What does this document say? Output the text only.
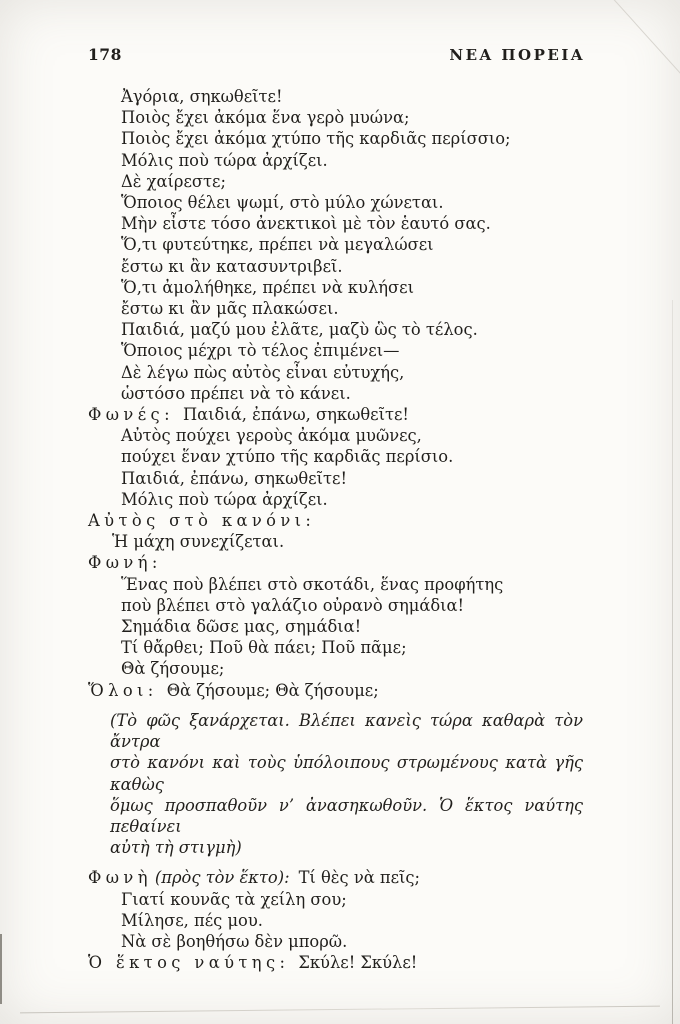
178	ΝΕΑ ΠΟΡΕΙΑ
Ἀγόρια, σηκωθεῖτε!
Ποιὸς ἔχει ἀκόμα ἕνα γερὸ μυώνα;
Ποιὸς ἔχει ἀκόμα χτύπο τῆς καρδιᾶς περίσσιο;
Μόλις ποὺ τώρα ἀρχίζει.
Δὲ χαίρεστε;
Ὅποιος θέλει ψωμί, στὸ μύλο χώνεται.
Μὴν εἶστε τόσο ἀνεκτικοὶ μὲ τὸν ἑαυτό σας.
Ὅ,τι φυτεύτηκε, πρέπει νὰ μεγαλώσει
ἔστω κι ἂν κατασυντριβεῖ.
Ὅ,τι ἀμολήθηκε, πρέπει νὰ κυλήσει
ἔστω κι ἂν μᾶς πλακώσει.
Παιδιά, μαζύ μου ἐλᾶτε, μαζὺ ὣς τὸ τέλος.
Ὅποιος μέχρι τὸ τέλος ἐπιμένει—
Δὲ λέγω πὼς αὐτὸς εἶναι εὐτυχής,
ὡστόσο πρέπει νὰ τὸ κάνει.
Φωνές: Παιδιά, ἐπάνω, σηκωθεῖτε!
Αὐτὸς πούχει γεροὺς ἀκόμα μυῶνες,
πούχει ἕναν χτύπο τῆς καρδιᾶς περίσιο.
Παιδιά, ἐπάνω, σηκωθεῖτε!
Μόλις ποὺ τώρα ἀρχίζει.
Αὐτὸς στὸ κανόνι:
Ἡ μάχη συνεχίζεται.
Φωνή:
Ἕνας ποὺ βλέπει στὸ σκοτάδι, ἕνας προφήτης
ποὺ βλέπει στὸ γαλάζιο οὐρανὸ σημάδια!
Σημάδια δῶσε μας, σημάδια!
Τί θἄρθει; Ποῦ θὰ πάει; Ποῦ πᾶμε;
Θὰ ζήσουμε;
Ὅλοι: Θὰ ζήσουμε; Θὰ ζήσουμε;
(Τὸ φῶς ξανάρχεται. Βλέπει κανεὶς τώρα καθαρὰ τὸν ἄντρα
στὸ κανόνι καὶ τοὺς ὑπόλοιπους στρωμένους κατὰ γῆς καθὼς
ὅμως προσπαθοῦν ν’ ἀνασηκωθοῦν. Ὁ ἕκτος ναύτης πεθαίνει
αὐτὴ τὴ στιγμὴ)
Φωνὴ (πρὸς τὸν ἕκτο): Τί θὲς νὰ πεῖς;
Γιατί κουνᾶς τὰ χείλη σου;
Μίλησε, πές μου.
Νὰ σὲ βοηθήσω δὲν μπορῶ.
Ὁ ἕκτος ναύτης: Σκύλε! Σκύλε!
